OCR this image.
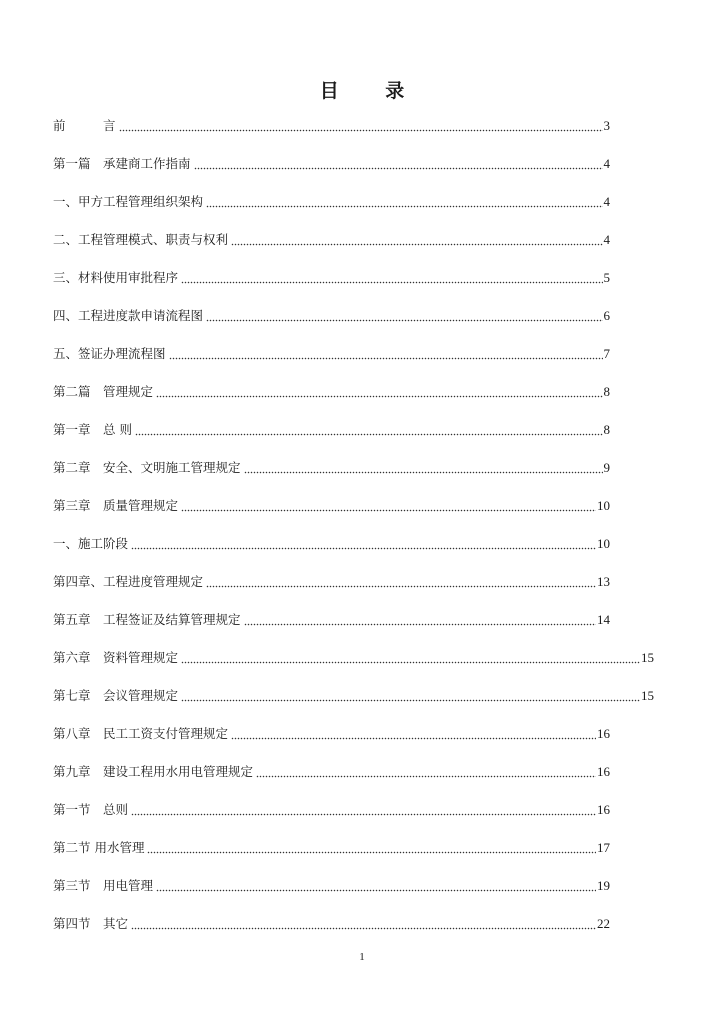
目 录
前　　　言	3
第一篇　承建商工作指南	4
一、甲方工程管理组织架构	4
二、工程管理模式、职责与权利	4
三、材料使用审批程序	5
四、工程进度款申请流程图	6
五、签证办理流程图	7
第二篇　管理规定	8
第一章　总 则	8
第二章　安全、文明施工管理规定	9
第三章　质量管理规定	10
一、施工阶段	10
第四章、工程进度管理规定	13
第五章　工程签证及结算管理规定	14
第六章　资料管理规定	15
第七章　会议管理规定	15
第八章　民工工资支付管理规定	16
第九章　建设工程用水用电管理规定	16
第一节　总则	16
第二节 用水管理	17
第三节　用电管理	19
第四节　其它	22
1
